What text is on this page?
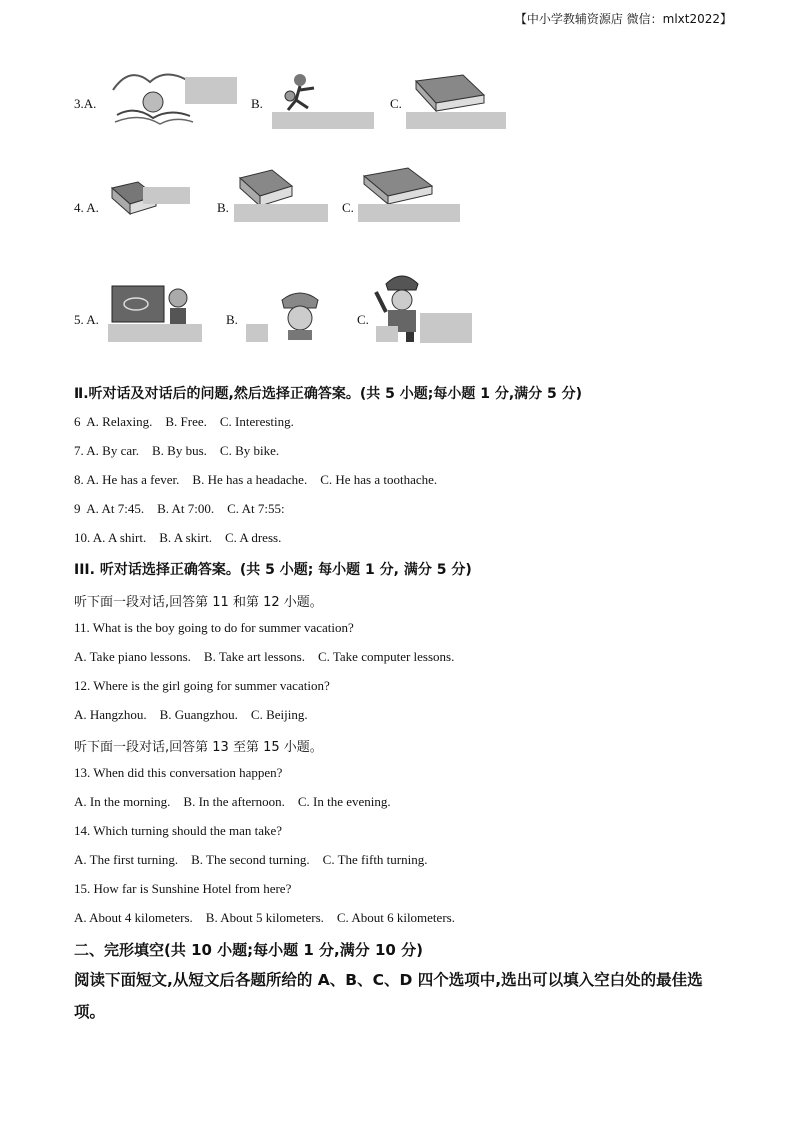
【中小学教辅资源店 微信：mlxt2022】
3.A.	B.	C.
4. A.	B.	C.
5. A.	B.	C.
Ⅱ.听对话及对话后的问题,然后选择正确答案。(共 5 小题;每小题 1 分,满分 5 分)
6  A. Relaxing.    B. Free.    C. Interesting.
7. A. By car.    B. By bus.    C. By bike.
8. A. He has a fever.    B. He has a headache.    C. He has a toothache.
9  A. At 7:45.    B. At 7:00.    C. At 7:55:
10. A. A shirt.    B. A skirt.    C. A dress.
III. 听对话选择正确答案。(共 5 小题; 每小题 1 分, 满分 5 分)
听下面一段对话,回答第 11 和第 12 小题。
11. What is the boy going to do for summer vacation?
A. Take piano lessons.    B. Take art lessons.    C. Take computer lessons.
12. Where is the girl going for summer vacation?
A. Hangzhou.    B. Guangzhou.    C. Beijing.
听下面一段对话,回答第 13 至第 15 小题。
13. When did this conversation happen?
A. In the morning.    B. In the afternoon.    C. In the evening.
14. Which turning should the man take?
A. The first turning.    B. The second turning.    C. The fifth turning.
15. How far is Sunshine Hotel from here?
A. About 4 kilometers.    B. About 5 kilometers.    C. About 6 kilometers.
二、完形填空(共 10 小题;每小题 1 分,满分 10 分)
阅读下面短文,从短文后各题所给的 A、B、C、D 四个选项中,选出可以填入空白处的最佳选
项。
